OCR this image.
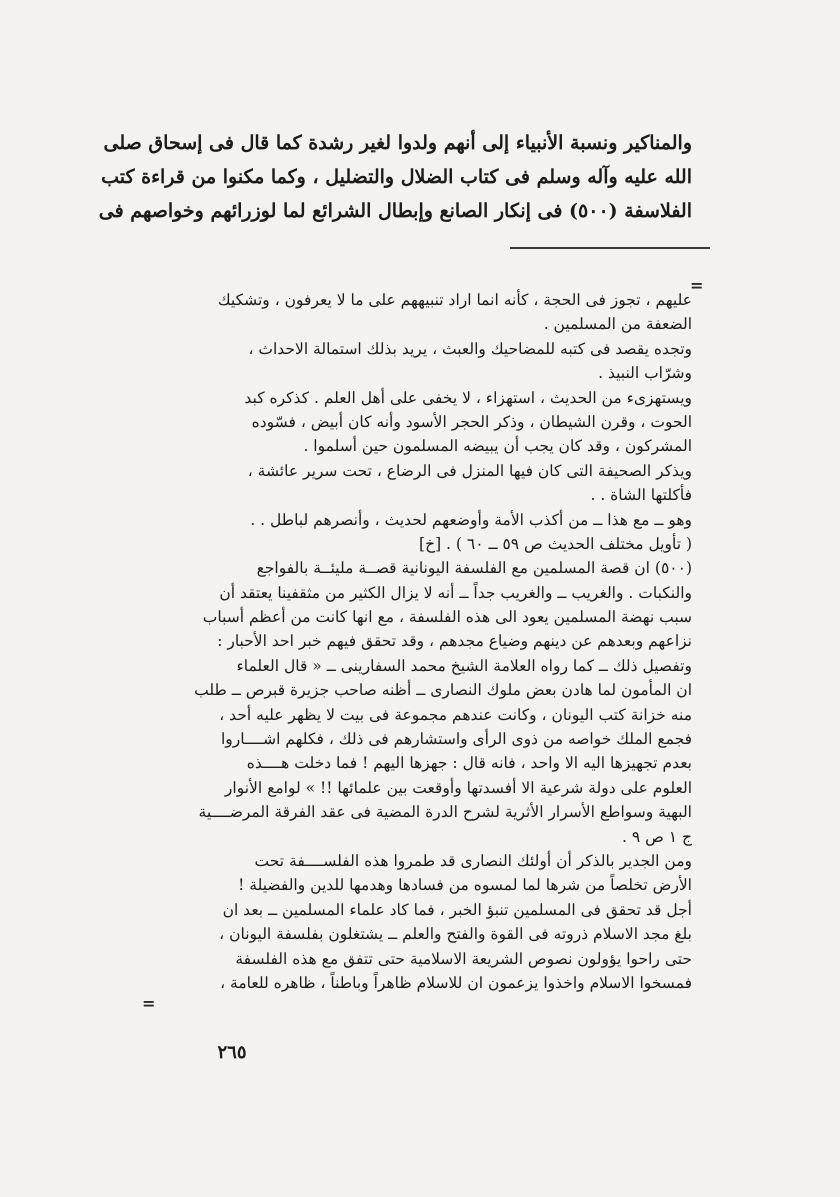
والمناكير ونسبة الأنبياء إلى أنهم ولدوا لغير رشدة كما قال فى إسحاق صلى
الله عليه وآله وسلم فى كتاب الضلال والتضليل ، وكما مكنوا من قراءة كتب
الفلاسفة (٥٠٠) فى إنكار الصانع وإبطال الشرائع لما لوزرائهم وخواصهم فى
=
عليهم ، تجوز فى الحجة ، كأنه انما اراد تنبيههم على ما لا يعرفون ، وتشكيك
الضعفة من المسلمين .
وتجده يقصد فى كتبه للمضاحيك والعبث ، يريد بذلك استمالة الاحداث ،
وشرّاب النبيذ .
ويستهزىء من الحديث ، استهزاء ، لا يخفى على أهل العلم . كذكره كبد
الحوت ، وقرن الشيطان ، وذكر الحجر الأسود وأنه كان أبيض ، فسّوده
المشركون ، وقد كان يجب أن يبيضه المسلمون حين أسلموا .
ويذكر الصحيفة التى كان فيها المنزل فى الرضاع ، تحت سرير عائشة ،
فأكلتها الشاة . .
وهو ــ مع هذا ــ من أكذب الأمة وأوضعهم لحديث ، وأنصرهم لباطل . .
( تأويل مختلف الحديث ص ٥٩ ــ ٦٠ ) . [خ]
(٥٠٠) ان قصة المسلمين مع الفلسفة اليونانية قصــة مليئــة بالفواجع
والنكبات . والغريب ــ والغريب جداً ــ أنه لا يزال الكثير من مثقفينا يعتقد أن
سبب نهضة المسلمين يعود الى هذه الفلسفة ، مع انها كانت من أعظم أسباب
نزاعهم وبعدهم عن دينهم وضياع مجدهم ، وقد تحقق فيهم خبر احد الأحبار :
وتفصيل ذلك ــ كما رواه العلامة الشيخ محمد السفارينى ــ « قال العلماء
ان المأمون لما هادن بعض ملوك النصارى ــ أظنه صاحب جزيرة قبرص ــ طلب
منه خزانة كتب اليونان ، وكانت عندهم مجموعة فى بيت لا يظهر عليه أحد ،
فجمع الملك خواصه من ذوى الرأى واستشارهم فى ذلك ، فكلهم اشــــاروا
بعدم تجهيزها اليه الا واحد ، فانه قال : جهزها اليهم ! فما دخلت هــــذه
العلوم على دولة شرعية الا أفسدتها وأوقعت بين علمائها !! » لوامع الأنوار
البهية وسواطع الأسرار الأثرية لشرح الدرة المضية فى عقد الفرقة المرضــــية
ج ١ ص ٩ .
ومن الجدير بالذكر أن أولئك النصارى قد طمروا هذه الفلســــفة تحت
الأرض تخلصاً من شرها لما لمسوه من فسادها وهدمها للدين والفضيلة !
أجل قد تحقق فى المسلمين تنبؤ الخبر ، فما كاد علماء المسلمين ــ بعد ان
بلغ مجد الاسلام ذروته فى القوة والفتح والعلم ــ يشتغلون بفلسفة اليونان ،
حتى راحوا يؤولون نصوص الشريعة الاسلامية حتى تتفق مع هذه الفلسفة
فمسخوا الاسلام واخذوا يزعمون ان للاسلام ظاهراً وباطناً ، ظاهره للعامة ،
=
٢٦٥
